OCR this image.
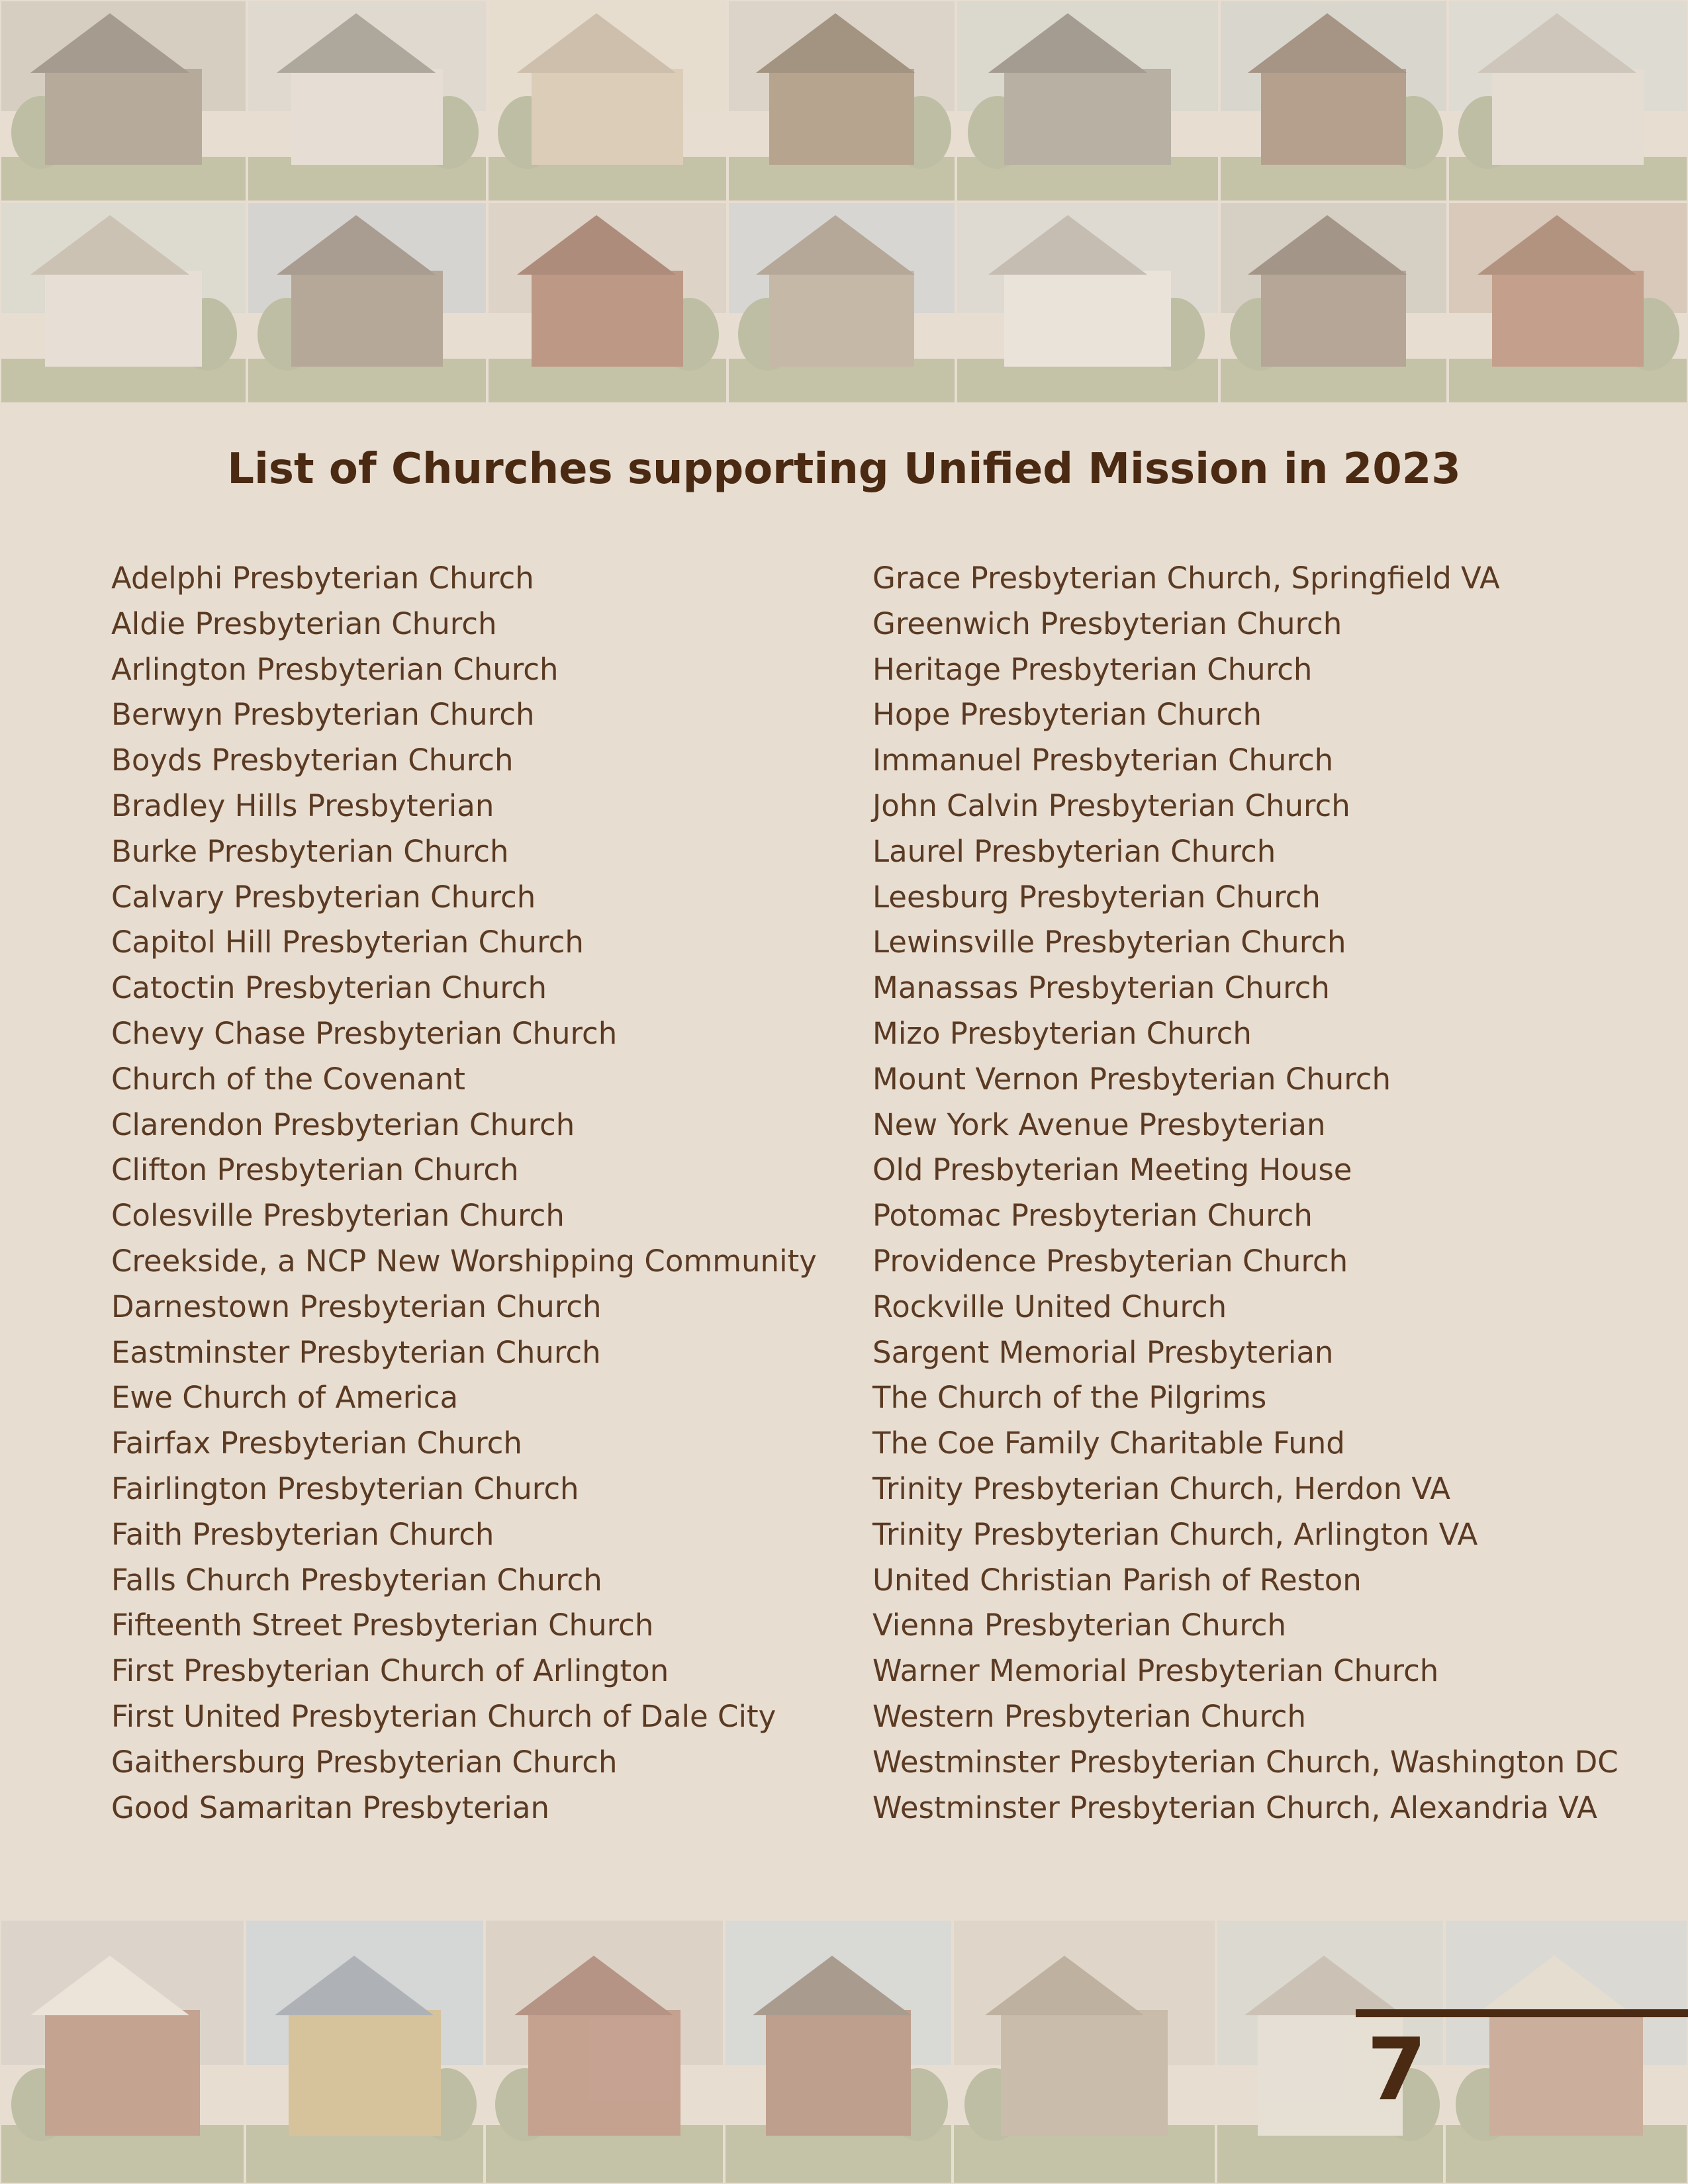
List of Churches supporting Unified Mission in 2023
Adelphi Presbyterian Church
Aldie Presbyterian Church
Arlington Presbyterian Church
Berwyn Presbyterian Church
Boyds Presbyterian Church
Bradley Hills Presbyterian
Burke Presbyterian Church
Calvary Presbyterian Church
Capitol Hill Presbyterian Church
Catoctin Presbyterian Church
Chevy Chase Presbyterian Church
Church of the Covenant
Clarendon Presbyterian Church
Clifton Presbyterian Church
Colesville Presbyterian Church
Creekside, a NCP New Worshipping Community
Darnestown Presbyterian Church
Eastminster Presbyterian Church
Ewe Church of America
Fairfax Presbyterian Church
Fairlington Presbyterian Church
Faith Presbyterian Church
Falls Church Presbyterian Church
Fifteenth Street Presbyterian Church
First Presbyterian Church of Arlington
First United Presbyterian Church of Dale City
Gaithersburg Presbyterian Church
Good Samaritan Presbyterian
Grace Presbyterian Church, Springfield VA
Greenwich Presbyterian Church
Heritage Presbyterian Church
Hope Presbyterian Church
Immanuel Presbyterian Church
John Calvin Presbyterian Church
Laurel Presbyterian Church
Leesburg Presbyterian Church
Lewinsville Presbyterian Church
Manassas Presbyterian Church
Mizo Presbyterian Church
Mount Vernon Presbyterian Church
New York Avenue Presbyterian
Old Presbyterian Meeting House
Potomac Presbyterian Church
Providence Presbyterian Church
Rockville United Church
Sargent Memorial Presbyterian
The Church of the Pilgrims
The Coe Family Charitable Fund
Trinity Presbyterian Church, Herdon VA
Trinity Presbyterian Church, Arlington VA
United Christian Parish of Reston
Vienna Presbyterian Church
Warner Memorial Presbyterian Church
Western Presbyterian Church
Westminster Presbyterian Church, Washington DC
Westminster Presbyterian Church, Alexandria VA
7
